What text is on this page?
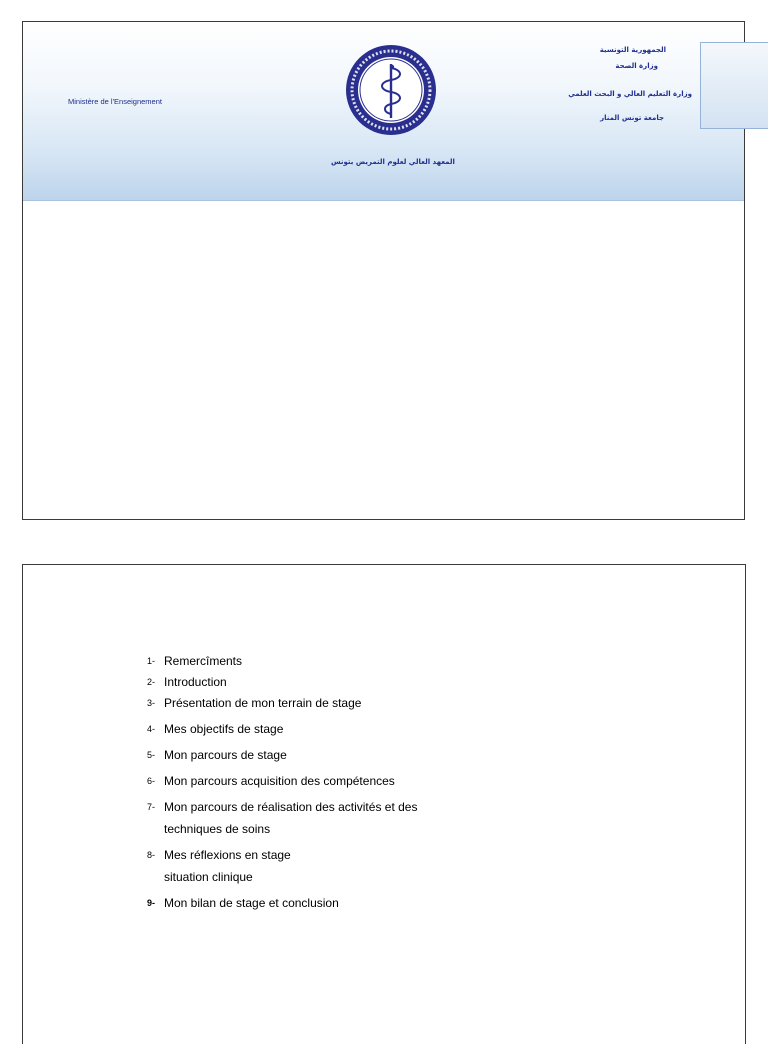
Ministère de l'Enseignement
الجمهورية التونسية
وزارة الصحة
وزارة التعليم العالي و البحث العلمي
جامعة تونس المنار
المعهد العالي لعلوم التمريض بتونس
1- Remercîments
2- Introduction
3- Présentation de mon terrain de stage
4- Mes objectifs de stage
5- Mon parcours de stage
6- Mon parcours acquisition des compétences
7- Mon parcours de réalisation des activités et des
techniques de soins
8- Mes réflexions en stage
situation clinique
9- Mon bilan de stage et conclusion
